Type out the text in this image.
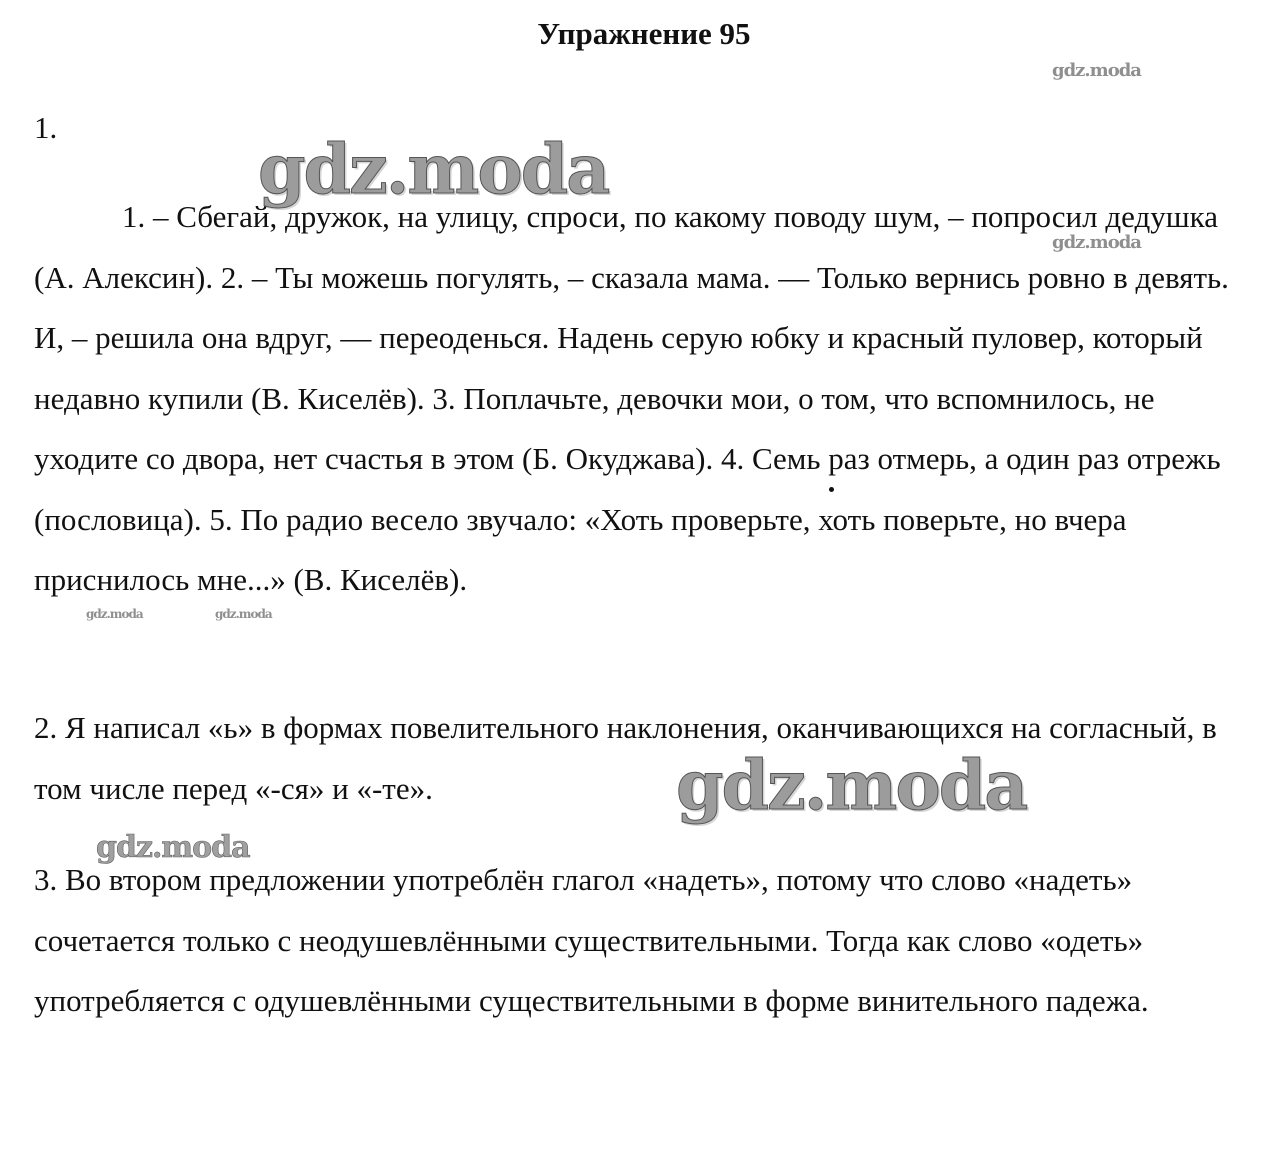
Упражнение 95
1.

1. – Сбегай, дружок, на улицу, спроси, по какому поводу шум, – попросил дедушка (А. Алексин). 2. – Ты можешь погулять, – сказала мама. — Только вернись ровно в девять. И, – решила она вдруг, — переоденься. Надень серую юбку и красный пуловер, который недавно купили (В. Киселёв). 3. Поплачьте, девочки мои, о том, что вспомнилось, не уходите со двора, нет счастья в этом (Б. Окуджава). 4. Семь раз отмерь, а один раз отрежь (пословица). 5. По радио весело звучало: «Хоть проверьте, хоть поверьте, но вчера приснилось мне...» (В. Киселёв).

2. Я написал «ь» в формах повелительного наклонения, оканчивающихся на согласный, в том числе перед «-ся» и «-те».

3. Во втором предложении употреблён глагол «надеть», потому что слово «надеть» сочетается только с неодушевлёнными существительными. Тогда как слово «одеть» употребляется с одушевлёнными существительными в форме винительного падежа.

gdz.moda
gdz.moda
gdz.moda
gdz.moda	gdz.moda
gdz.moda
gdz.moda
